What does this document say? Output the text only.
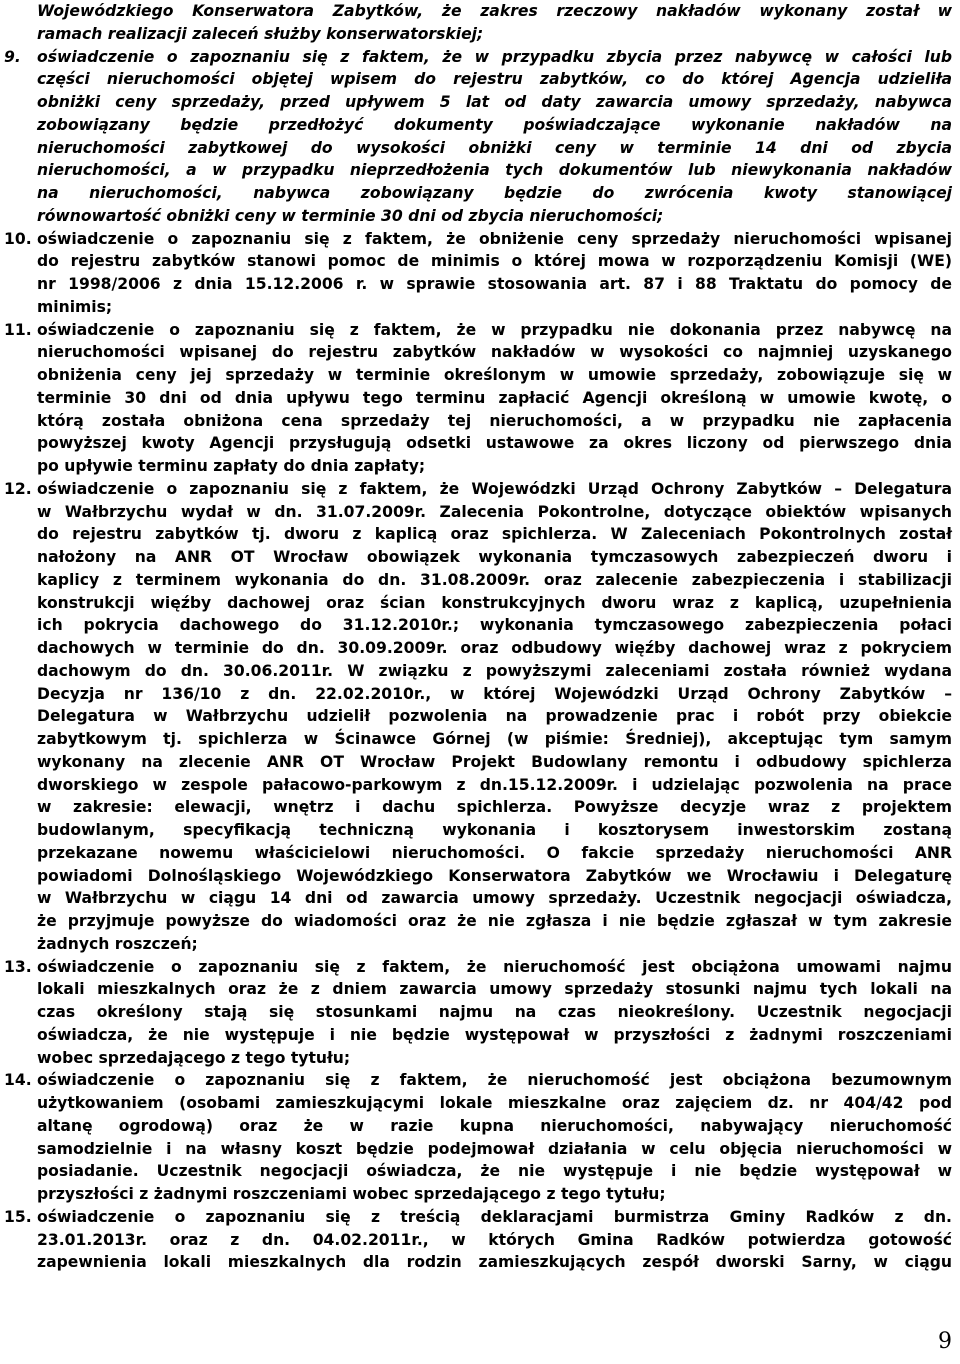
Wojewódzkiego Konserwatora Zabytków, że zakres rzeczowy nakładów wykonany został w
ramach realizacji zaleceń służby konserwatorskiej;
9.	oświadczenie o zapoznaniu się z faktem, że w przypadku zbycia przez nabywcę w całości lub
części nieruchomości objętej wpisem do rejestru zabytków, co do której Agencja udzieliła
obniżki ceny sprzedaży, przed upływem 5 lat od daty zawarcia umowy sprzedaży, nabywca
zobowiązany będzie przedłożyć dokumenty poświadczające wykonanie nakładów na
nieruchomości zabytkowej do wysokości obniżki ceny w terminie 14 dni od zbycia
nieruchomości, a w przypadku nieprzedłożenia tych dokumentów lub niewykonania nakładów
na nieruchomości, nabywca zobowiązany będzie do zwrócenia kwoty stanowiącej
równowartość obniżki ceny w terminie 30 dni od zbycia nieruchomości;
10. oświadczenie o zapoznaniu się z faktem, że obniżenie ceny sprzedaży nieruchomości wpisanej
do rejestru zabytków stanowi pomoc de minimis o której mowa w rozporządzeniu Komisji (WE)
nr 1998/2006 z dnia 15.12.2006 r. w sprawie stosowania art. 87 i 88 Traktatu do pomocy de
minimis;
11. oświadczenie o zapoznaniu się z faktem, że w przypadku nie dokonania przez nabywcę na
nieruchomości wpisanej do rejestru zabytków nakładów w wysokości co najmniej uzyskanego
obniżenia ceny jej sprzedaży w terminie określonym w umowie sprzedaży, zobowiązuje się w
terminie 30 dni od dnia upływu tego terminu zapłacić Agencji określoną w umowie kwotę, o
którą została obniżona cena sprzedaży tej nieruchomości, a w przypadku nie zapłacenia
powyższej kwoty Agencji przysługują odsetki ustawowe za okres liczony od pierwszego dnia
po upływie terminu zapłaty do dnia zapłaty;
12. oświadczenie o zapoznaniu się z faktem, że Wojewódzki Urząd Ochrony Zabytków – Delegatura
w Wałbrzychu wydał w dn. 31.07.2009r. Zalecenia Pokontrolne, dotyczące obiektów wpisanych
do rejestru zabytków tj. dworu z kaplicą oraz spichlerza. W Zaleceniach Pokontrolnych został
nałożony na ANR OT Wrocław obowiązek wykonania tymczasowych zabezpieczeń dworu i
kaplicy z terminem wykonania do dn. 31.08.2009r. oraz zalecenie zabezpieczenia i stabilizacji
konstrukcji więźby dachowej oraz ścian konstrukcyjnych dworu wraz z kaplicą, uzupełnienia
ich pokrycia dachowego do 31.12.2010r.; wykonania tymczasowego zabezpieczenia połaci
dachowych w terminie do dn. 30.09.2009r. oraz odbudowy więźby dachowej wraz z pokryciem
dachowym do dn. 30.06.2011r. W związku z powyższymi zaleceniami została również wydana
Decyzja nr 136/10 z dn. 22.02.2010r., w której Wojewódzki Urząd Ochrony Zabytków –
Delegatura w Wałbrzychu udzielił pozwolenia na prowadzenie prac i robót przy obiekcie
zabytkowym tj. spichlerza w Ścinawce Górnej (w piśmie: Średniej), akceptując tym samym
wykonany na zlecenie ANR OT Wrocław Projekt Budowlany remontu i odbudowy spichlerza
dworskiego w zespole pałacowo-parkowym z dn.15.12.2009r. i udzielając pozwolenia na prace
w zakresie: elewacji, wnętrz i dachu spichlerza. Powyższe decyzje wraz z projektem
budowlanym, specyfikacją techniczną wykonania i kosztorysem inwestorskim zostaną
przekazane nowemu właścicielowi nieruchomości. O fakcie sprzedaży nieruchomości ANR
powiadomi Dolnośląskiego Wojewódzkiego Konserwatora Zabytków we Wrocławiu i Delegaturę
w Wałbrzychu w ciągu 14 dni od zawarcia umowy sprzedaży. Uczestnik negocjacji oświadcza,
że przyjmuje powyższe do wiadomości oraz że nie zgłasza i nie będzie zgłaszał w tym zakresie
żadnych roszczeń;
13. oświadczenie o zapoznaniu się z faktem, że nieruchomość jest obciążona umowami najmu
lokali mieszkalnych oraz że z dniem zawarcia umowy sprzedaży stosunki najmu tych lokali na
czas określony stają się stosunkami najmu na czas nieokreślony. Uczestnik negocjacji
oświadcza, że nie występuje i nie będzie występował w przyszłości z żadnymi roszczeniami
wobec sprzedającego z tego tytułu;
14. oświadczenie o zapoznaniu się z faktem, że nieruchomość jest obciążona bezumownym
użytkowaniem (osobami zamieszkującymi lokale mieszkalne oraz zajęciem dz. nr 404/42 pod
altanę ogrodową) oraz że w razie kupna nieruchomości, nabywający nieruchomość
samodzielnie i na własny koszt będzie podejmował działania w celu objęcia nieruchomości w
posiadanie. Uczestnik negocjacji oświadcza, że nie występuje i nie będzie występował w
przyszłości z żadnymi roszczeniami wobec sprzedającego z tego tytułu;
15. oświadczenie o zapoznaniu się z treścią deklaracjami burmistrza Gminy Radków z dn.
23.01.2013r. oraz z dn. 04.02.2011r., w których Gmina Radków potwierdza gotowość
zapewnienia lokali mieszkalnych dla rodzin zamieszkujących zespół dworski Sarny, w ciągu
9
